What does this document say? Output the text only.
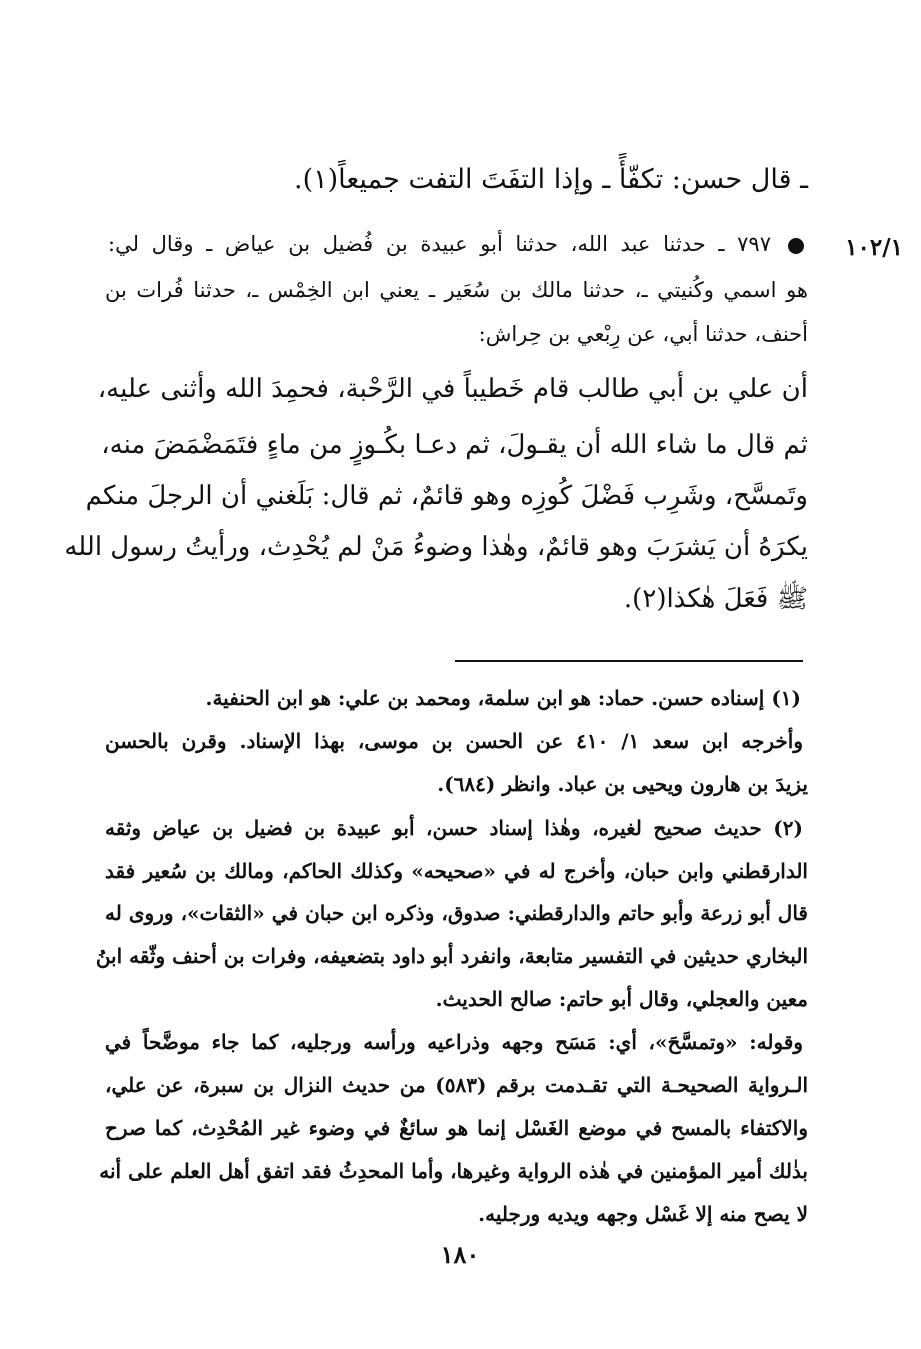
ـ قال حسن: تكفّأً ـ وإذا التفَتَ التفت جميعاً(١).
١٠٢/١
٧٩٧ ـ حدثنا عبد الله، حدثنا أبو عبيدة بن فُضيل بن عياض ـ وقال لي:
هو اسمي وكُنيتي ـ، حدثنا مالك بن سُعَير ـ يعني ابن الخِمْس ـ، حدثنا فُرات بن
أحنف، حدثنا أبي، عن رِبْعي بن حِراش:
أن علي بن أبي طالب قام خَطيباً في الرَّحْبة، فحمِدَ الله وأثنى عليه،
ثم قال ما شاء الله أن يقـولَ، ثم دعـا بكُـوزٍ من ماءٍ فتَمَضْمَضَ منه،
وتَمسَّح، وشَرِب فَضْلَ كُوزِه وهو قائمٌ، ثم قال: بَلَغني أن الرجلَ منكم
يكرَهُ أن يَشرَبَ وهو قائمٌ، وهٰذا وضوءُ مَنْ لم يُحْدِث، ورأيتُ رسول الله
ﷺ فَعَلَ هٰكذا(٢).
(١) إسناده حسن. حماد: هو ابن سلمة، ومحمد بن علي: هو ابن الحنفية.
وأخرجه ابن سعد ١/ ٤١٠ عن الحسن بن موسى، بهذا الإسناد. وقرن بالحسن
يزيدَ بن هارون ويحيى بن عباد. وانظر (٦٨٤).
(٢) حديث صحيح لغيره، وهٰذا إسناد حسن، أبو عبيدة بن فضيل بن عياض وثقه
الدارقطني وابن حبان، وأخرج له في «صحيحه» وكذلك الحاكم، ومالك بن سُعير فقد
قال أبو زرعة وأبو حاتم والدارقطني: صدوق، وذكره ابن حبان في «الثقات»، وروى له
البخاري حديثين في التفسير متابعة، وانفرد أبو داود بتضعيفه، وفرات بن أحنف وثّقه ابنُ
معين والعجلي، وقال أبو حاتم: صالح الحديث.
وقوله: «وتمسَّحَ»، أي: مَسَح وجهه وذراعيه ورأسه ورجليه، كما جاء موضَّحاً في
الـرواية الصحيحـة التي تقـدمت برقم (٥٨٣) من حديث النزال بن سبرة، عن علي،
والاكتفاء بالمسح في موضع الغَسْل إنما هو سائغٌ في وضوء غير المُحْدِث، كما صرح
بذٰلك أمير المؤمنين في هٰذه الرواية وغيرها، وأما المحدِثُ فقد اتفق أهل العلم على أنه
لا يصح منه إلا غَسْل وجهه ويديه ورجليه.
١٨٠
